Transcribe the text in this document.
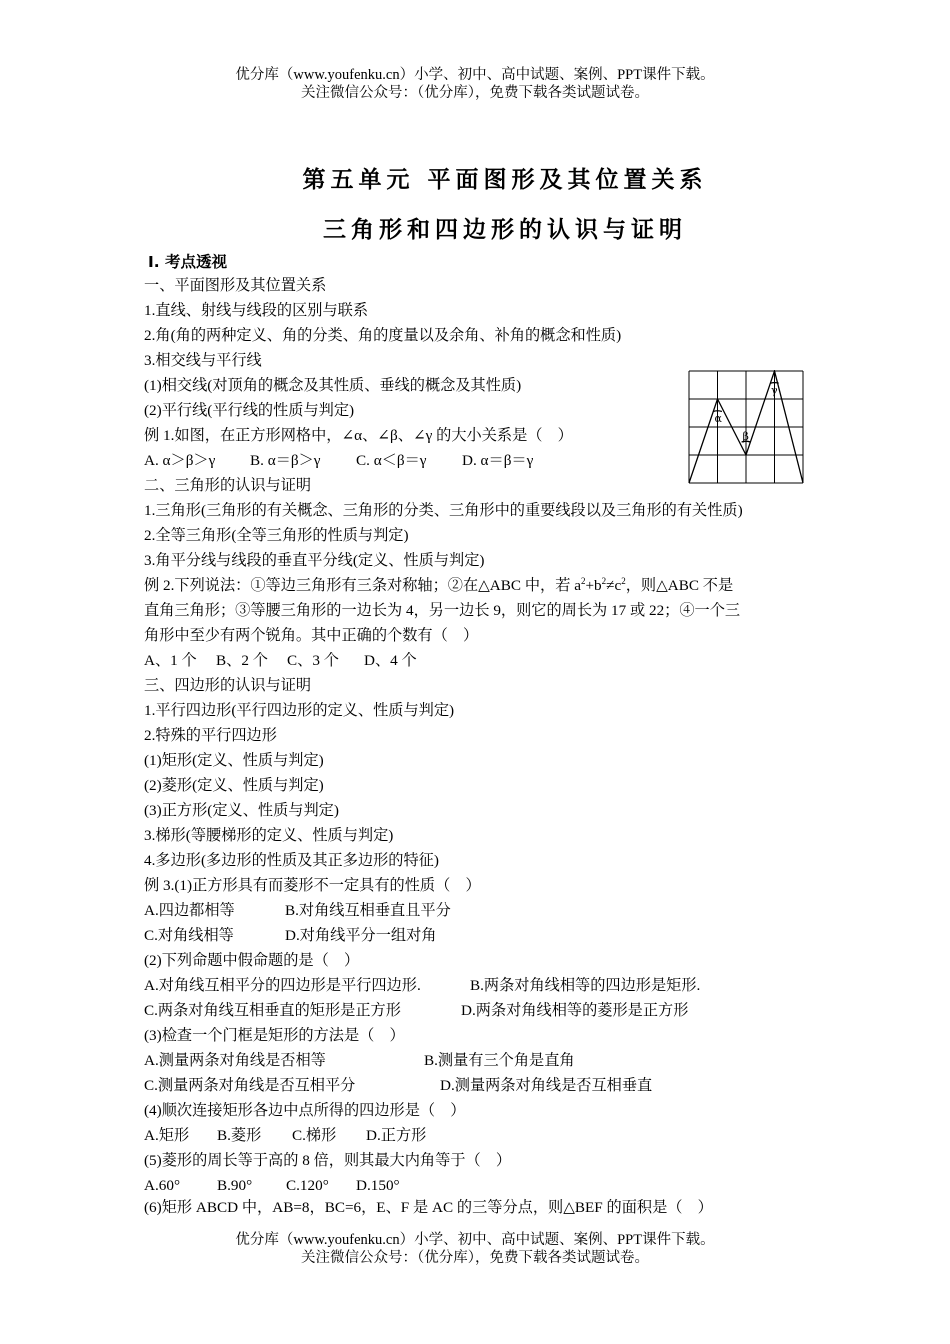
优分库（www.youfenku.cn）小学、初中、高中试题、案例、PPT课件下载。
关注微信公众号：（优分库），免费下载各类试题试卷。
第五单元 平面图形及其位置关系
三角形和四边形的认识与证明
Ⅰ. 考点透视
一、平面图形及其位置关系
1.直线、射线与线段的区别与联系
2.角(角的两种定义、角的分类、角的度量以及余角、补角的概念和性质)
3.相交线与平行线
(1)相交线(对顶角的概念及其性质、垂线的概念及其性质)
(2)平行线(平行线的性质与判定)
例 1.如图，在正方形网格中，∠α、∠β、∠γ 的大小关系是（　）
A. α＞β＞γ B. α＝β＞γ C. α＜β＝γ D. α＝β＝γ
α
β
γ
二、三角形的认识与证明
1.三角形(三角形的有关概念、三角形的分类、三角形中的重要线段以及三角形的有关性质)
2.全等三角形(全等三角形的性质与判定)
3.角平分线与线段的垂直平分线(定义、性质与判定)
例 2.下列说法：①等边三角形有三条对称轴；②在△ABC 中，若 $a^2+b^2\ne c^2$，则△ABC 不是
直角三角形；③等腰三角形的一边长为 4，另一边长 9，则它的周长为 17 或 22；④一个三
角形中至少有两个锐角。其中正确的个数有（　）
A、1 个 B、2 个 C、3 个 D、4 个
三、四边形的认识与证明
1.平行四边形(平行四边形的定义、性质与判定)
2.特殊的平行四边形
(1)矩形(定义、性质与判定)
(2)菱形(定义、性质与判定)
(3)正方形(定义、性质与判定)
3.梯形(等腰梯形的定义、性质与判定)
4.多边形(多边形的性质及其正多边形的特征)
例 3.(1)正方形具有而菱形不一定具有的性质（　）
A.四边都相等	B.对角线互相垂直且平分
C.对角线相等	D.对角线平分一组对角
(2)下列命题中假命题的是（　）
A.对角线互相平分的四边形是平行四边形.	B.两条对角线相等的四边形是矩形.
C.两条对角线互相垂直的矩形是正方形	D.两条对角线相等的菱形是正方形
(3)检查一个门框是矩形的方法是（　）
A.测量两条对角线是否相等	B.测量有三个角是直角
C.测量两条对角线是否互相平分	D.测量两条对角线是否互相垂直
(4)顺次连接矩形各边中点所得的四边形是（　）
A.矩形 B.菱形 C.梯形 D.正方形
(5)菱形的周长等于高的 8 倍，则其最大内角等于（　）
A.60° B.90° C.120° D.150°
(6)矩形 ABCD 中，AB=8，BC=6，E、F 是 AC 的三等分点，则△BEF 的面积是（　）
优分库（www.youfenku.cn）小学、初中、高中试题、案例、PPT课件下载。
关注微信公众号：（优分库），免费下载各类试题试卷。
